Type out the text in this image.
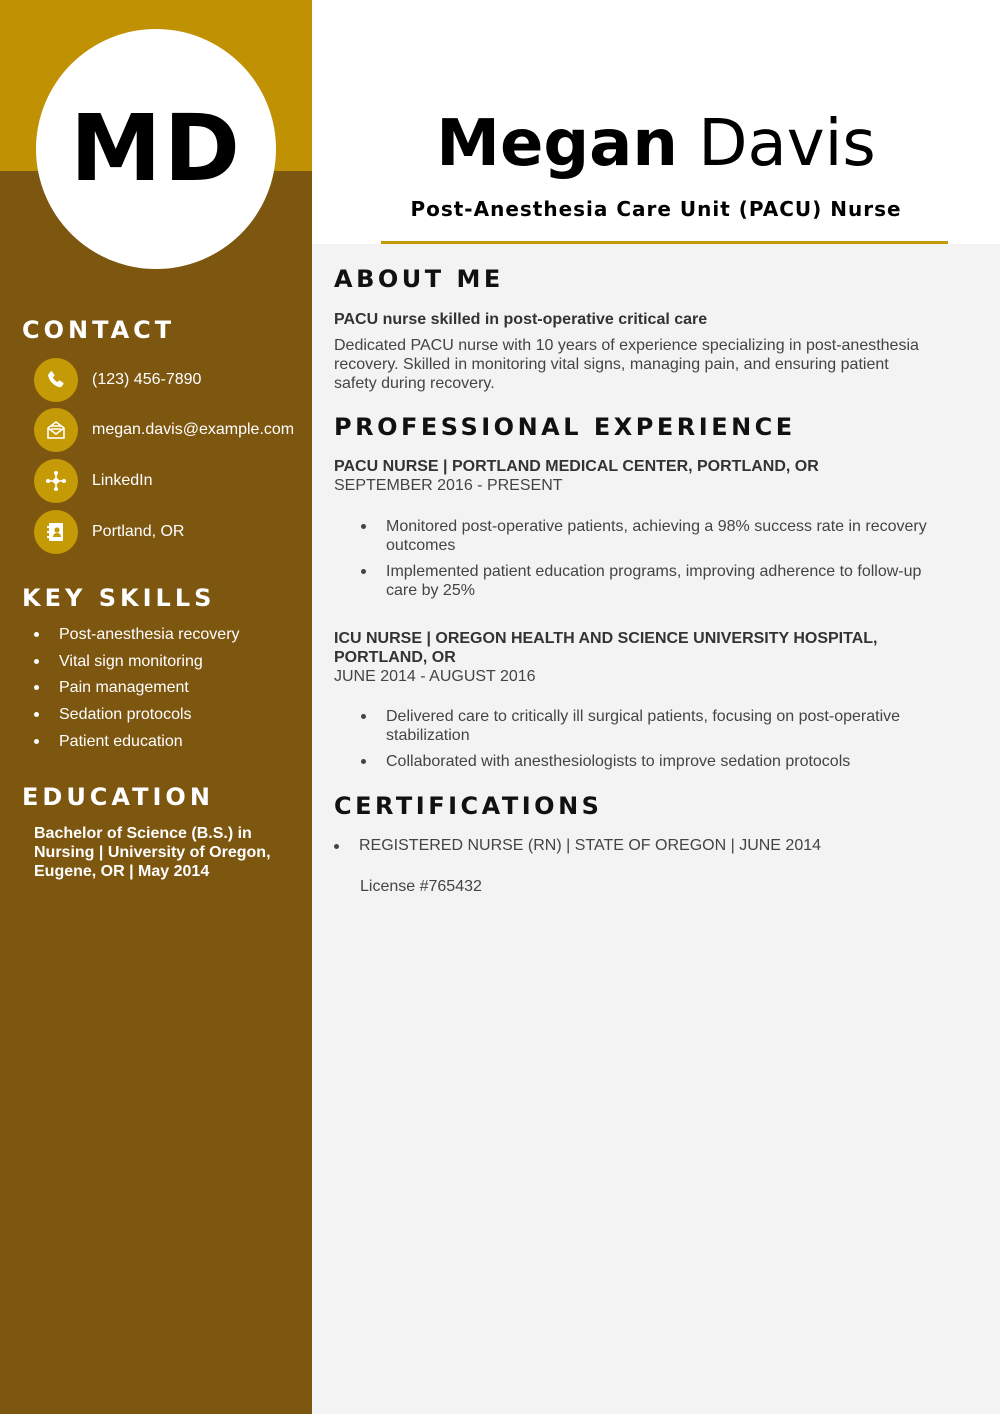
MD	Megan Davis
Post-Anesthesia Care Unit (PACU) Nurse
CONTACT
(123) 456-7890
megan.davis@example.com
LinkedIn
Portland, OR
KEY SKILLS
Post-anesthesia recovery
Vital sign monitoring
Pain management
Sedation protocols
Patient education
EDUCATION

Bachelor of Science (B.S.) in Nursing | University of Oregon, Eugene, OR | May 2014

ABOUT ME

PACU nurse skilled in post-operative critical care

Dedicated PACU nurse with 10 years of experience specializing in post-anesthesia recovery. Skilled in monitoring vital signs, managing pain, and ensuring patient safety during recovery.

PROFESSIONAL EXPERIENCE

PACU NURSE | PORTLAND MEDICAL CENTER, PORTLAND, OR

SEPTEMBER 2016 - PRESENT

Monitored post-operative patients, achieving a 98% success rate in recovery outcomes
Implemented patient education programs, improving adherence to follow-up care by 25%

ICU NURSE | OREGON HEALTH AND SCIENCE UNIVERSITY HOSPITAL, PORTLAND, OR

JUNE 2014 - AUGUST 2016

Delivered care to critically ill surgical patients, focusing on post-operative stabilization
Collaborated with anesthesiologists to improve sedation protocols
CERTIFICATIONS
REGISTERED NURSE (RN) | STATE OF OREGON | JUNE 2014

License #765432
